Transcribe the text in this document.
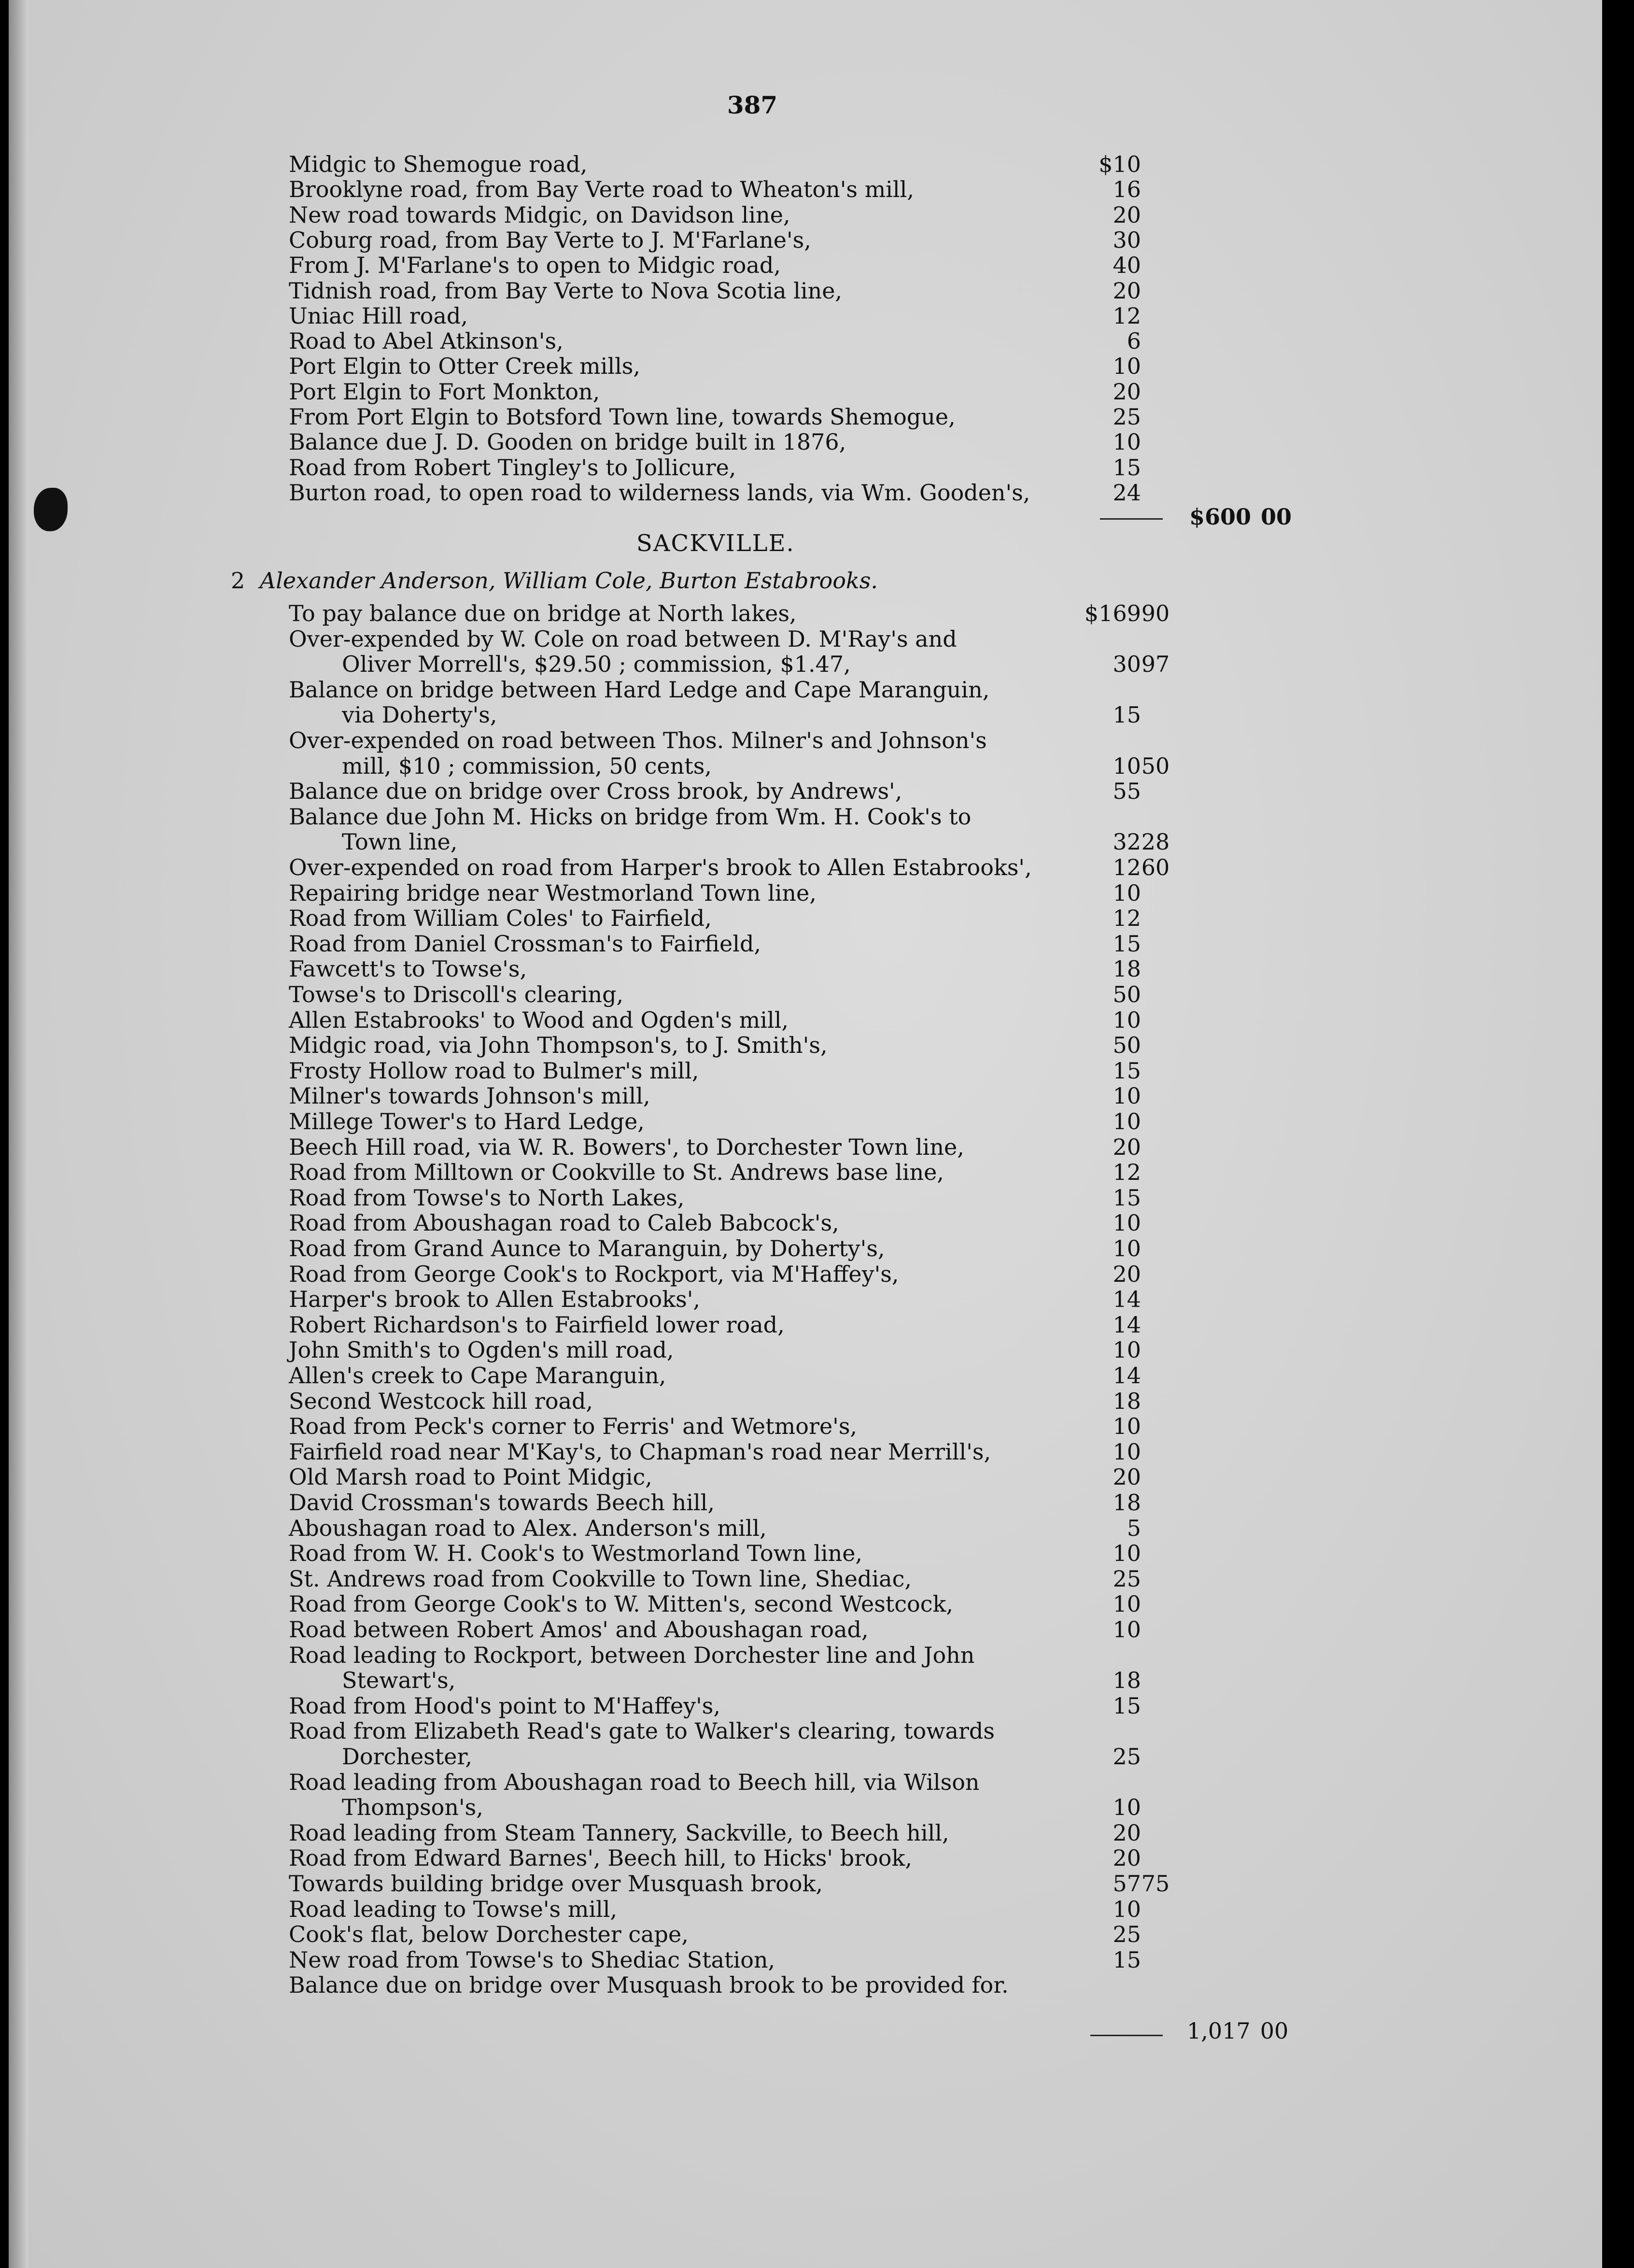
387
Midgic to Shemogue road,	$10
Brooklyne road, from Bay Verte road to Wheaton's mill,	16
New road towards Midgic, on Davidson line,	20
Coburg road, from Bay Verte to J. M'Farlane's,	30
From J. M'Farlane's to open to Midgic road,	40
Tidnish road, from Bay Verte to Nova Scotia line,	20
Uniac Hill road,	12
Road to Abel Atkinson's,	6
Port Elgin to Otter Creek mills,	10
Port Elgin to Fort Monkton,	20
From Port Elgin to Botsford Town line, towards Shemogue,	25
Balance due J. D. Gooden on bridge built in 1876,	10
Road from Robert Tingley's to Jollicure,	15
Burton road, to open road to wilderness lands, via Wm. Gooden's,	24
$600 00
SACKVILLE.
2 Alexander Anderson, William Cole, Burton Estabrooks.
To pay balance due on bridge at North lakes,	$169 90
Over-expended by W. Cole on road between D. M'Ray's and
Oliver Morrell's, $29.50 ; commission, $1.47,	30 97
Balance on bridge between Hard Ledge and Cape Maranguin,
via Doherty's,	15
Over-expended on road between Thos. Milner's and Johnson's
mill, $10 ; commission, 50 cents,	10 50
Balance due on bridge over Cross brook, by Andrews',	55
Balance due John M. Hicks on bridge from Wm. H. Cook's to
Town line,	32 28
Over-expended on road from Harper's brook to Allen Estabrooks',	12 60
Repairing bridge near Westmorland Town line,	10
Road from William Coles' to Fairfield,	12
Road from Daniel Crossman's to Fairfield,	15
Fawcett's to Towse's,	18
Towse's to Driscoll's clearing,	50
Allen Estabrooks' to Wood and Ogden's mill,	10
Midgic road, via John Thompson's, to J. Smith's,	50
Frosty Hollow road to Bulmer's mill,	15
Milner's towards Johnson's mill,	10
Millege Tower's to Hard Ledge,	10
Beech Hill road, via W. R. Bowers', to Dorchester Town line,	20
Road from Milltown or Cookville to St. Andrews base line,	12
Road from Towse's to North Lakes,	15
Road from Aboushagan road to Caleb Babcock's,	10
Road from Grand Aunce to Maranguin, by Doherty's,	10
Road from George Cook's to Rockport, via M'Haffey's,	20
Harper's brook to Allen Estabrooks',	14
Robert Richardson's to Fairfield lower road,	14
John Smith's to Ogden's mill road,	10
Allen's creek to Cape Maranguin,	14
Second Westcock hill road,	18
Road from Peck's corner to Ferris' and Wetmore's,	10
Fairfield road near M'Kay's, to Chapman's road near Merrill's,	10
Old Marsh road to Point Midgic,	20
David Crossman's towards Beech hill,	18
Aboushagan road to Alex. Anderson's mill,	5
Road from W. H. Cook's to Westmorland Town line,	10
St. Andrews road from Cookville to Town line, Shediac,	25
Road from George Cook's to W. Mitten's, second Westcock,	10
Road between Robert Amos' and Aboushagan road,	10
Road leading to Rockport, between Dorchester line and John
Stewart's,	18
Road from Hood's point to M'Haffey's,	15
Road from Elizabeth Read's gate to Walker's clearing, towards
Dorchester,	25
Road leading from Aboushagan road to Beech hill, via Wilson
Thompson's,	10
Road leading from Steam Tannery, Sackville, to Beech hill,	20
Road from Edward Barnes', Beech hill, to Hicks' brook,	20
Towards building bridge over Musquash brook,	57 75
Road leading to Towse's mill,	10
Cook's flat, below Dorchester cape,	25
New road from Towse's to Shediac Station,	15
Balance due on bridge over Musquash brook to be provided for.
1,017 00
